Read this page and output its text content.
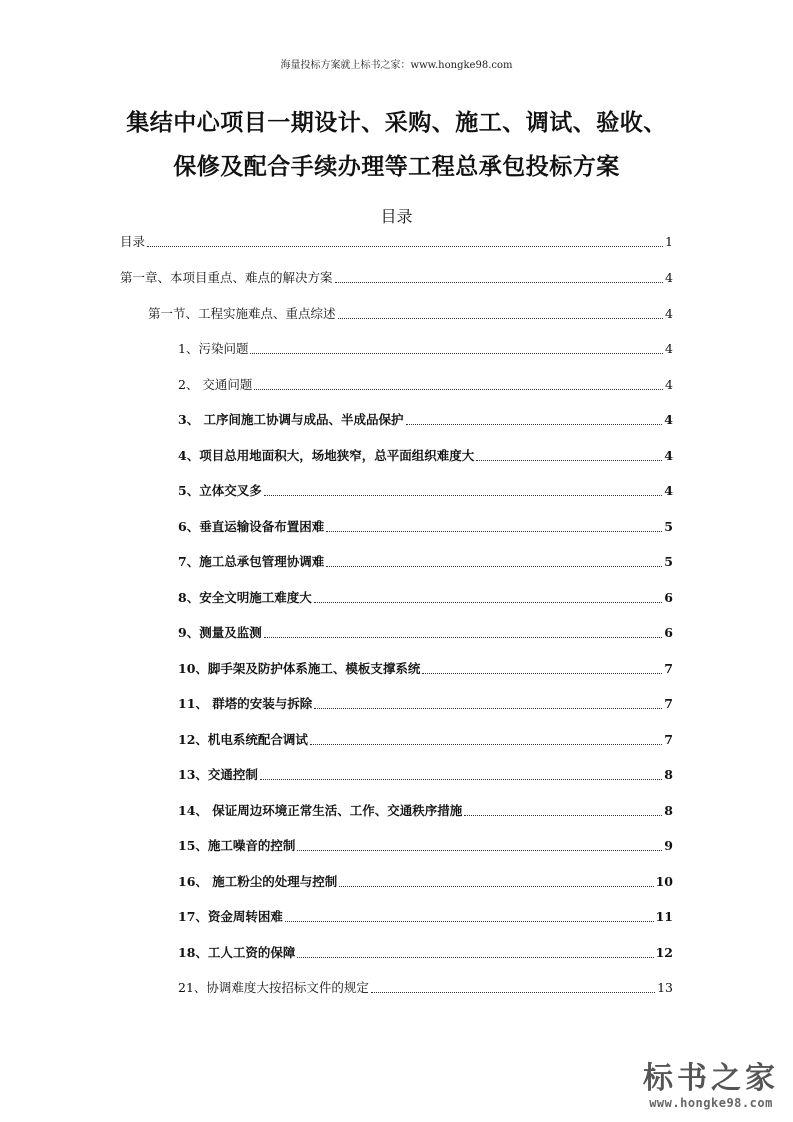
海量投标方案就上标书之家：www.hongke98.com
集结中心项目一期设计、采购、施工、调试、验收、
保修及配合手续办理等工程总承包投标方案
目录
目录	1
第一章、本项目重点、难点的解决方案	4
第一节、工程实施难点、重点综述	4
1、污染问题	4
2、 交通问题	4
3、 工序间施工协调与成品、半成品保护	4
4、项目总用地面积大，场地狭窄，总平面组织难度大	4
5、立体交叉多	4
6、垂直运输设备布置困难	5
7、施工总承包管理协调难	5
8、安全文明施工难度大	6
9、测量及监测	6
10、脚手架及防护体系施工、模板支撑系统	7
11、 群塔的安装与拆除	7
12、机电系统配合调试	7
13、交通控制	8
14、 保证周边环境正常生活、工作、交通秩序措施	8
15、施工噪音的控制	9
16、 施工粉尘的处理与控制	10
17、资金周转困难	11
18、工人工资的保障	12
21、协调难度大按招标文件的规定	13
标书之家
www.hongke98.com
